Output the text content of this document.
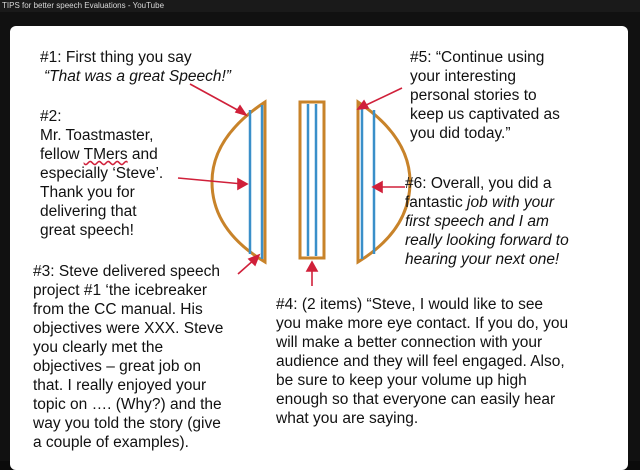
TIPS for better speech Evaluations - YouTube
#1: First thing you say
“That was a great Speech!”
#2:
Mr. Toastmaster,
fellow TMers and
especially ‘Steve’.
Thank you for
delivering that
great speech!
#3: Steve delivered speech
project #1 ‘the icebreaker
from the CC manual. His
objectives were XXX. Steve
you clearly met the
objectives – great job on
that. I really enjoyed your
topic on …. (Why?) and the
way you told the story (give
a couple of examples).
#4: (2 items) “Steve, I would like to see
you make more eye contact. If you do, you
will make a better connection with your
audience and they will feel engaged. Also,
be sure to keep your volume up high
enough so that everyone can easily hear
what you are saying.
#5: “Continue using
your interesting
personal stories to
keep us captivated as
you did today.”
#6: Overall, you did a
fantastic job with your
first speech and I am
really looking forward to
hearing your next one!
